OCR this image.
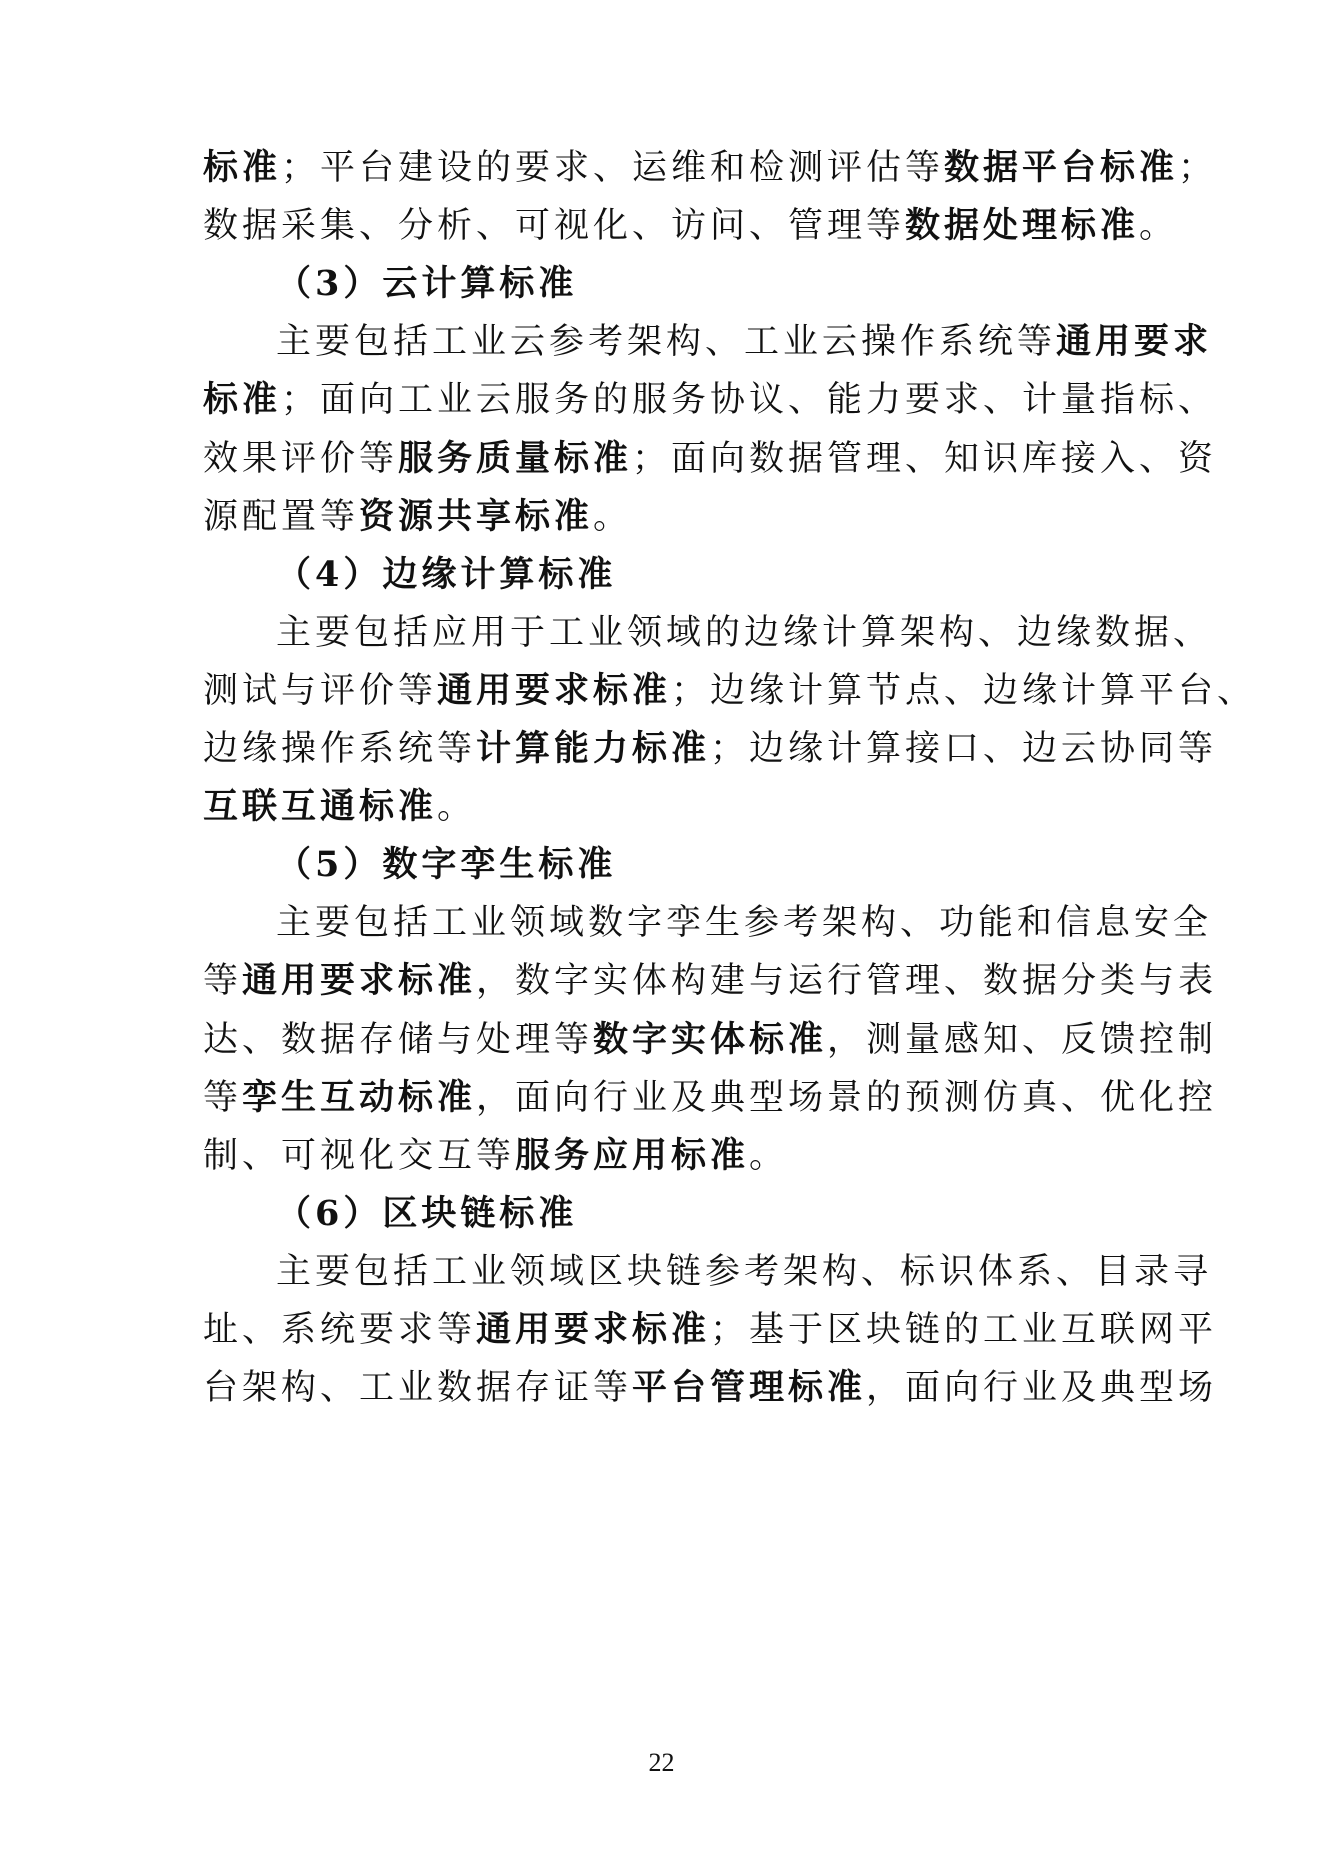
标准；平台建设的要求、运维和检测评估等数据平台标准；
数据采集、分析、可视化、访问、管理等数据处理标准。
（3）云计算标准
主要包括工业云参考架构、工业云操作系统等通用要求
标准；面向工业云服务的服务协议、能力要求、计量指标、
效果评价等服务质量标准；面向数据管理、知识库接入、资
源配置等资源共享标准。
（4）边缘计算标准
主要包括应用于工业领域的边缘计算架构、边缘数据、
测试与评价等通用要求标准；边缘计算节点、边缘计算平台、
边缘操作系统等计算能力标准；边缘计算接口、边云协同等
互联互通标准。
（5）数字孪生标准
主要包括工业领域数字孪生参考架构、功能和信息安全
等通用要求标准，数字实体构建与运行管理、数据分类与表
达、数据存储与处理等数字实体标准，测量感知、反馈控制
等孪生互动标准，面向行业及典型场景的预测仿真、优化控
制、可视化交互等服务应用标准。
（6）区块链标准
主要包括工业领域区块链参考架构、标识体系、目录寻
址、系统要求等通用要求标准；基于区块链的工业互联网平
台架构、工业数据存证等平台管理标准，面向行业及典型场
22
